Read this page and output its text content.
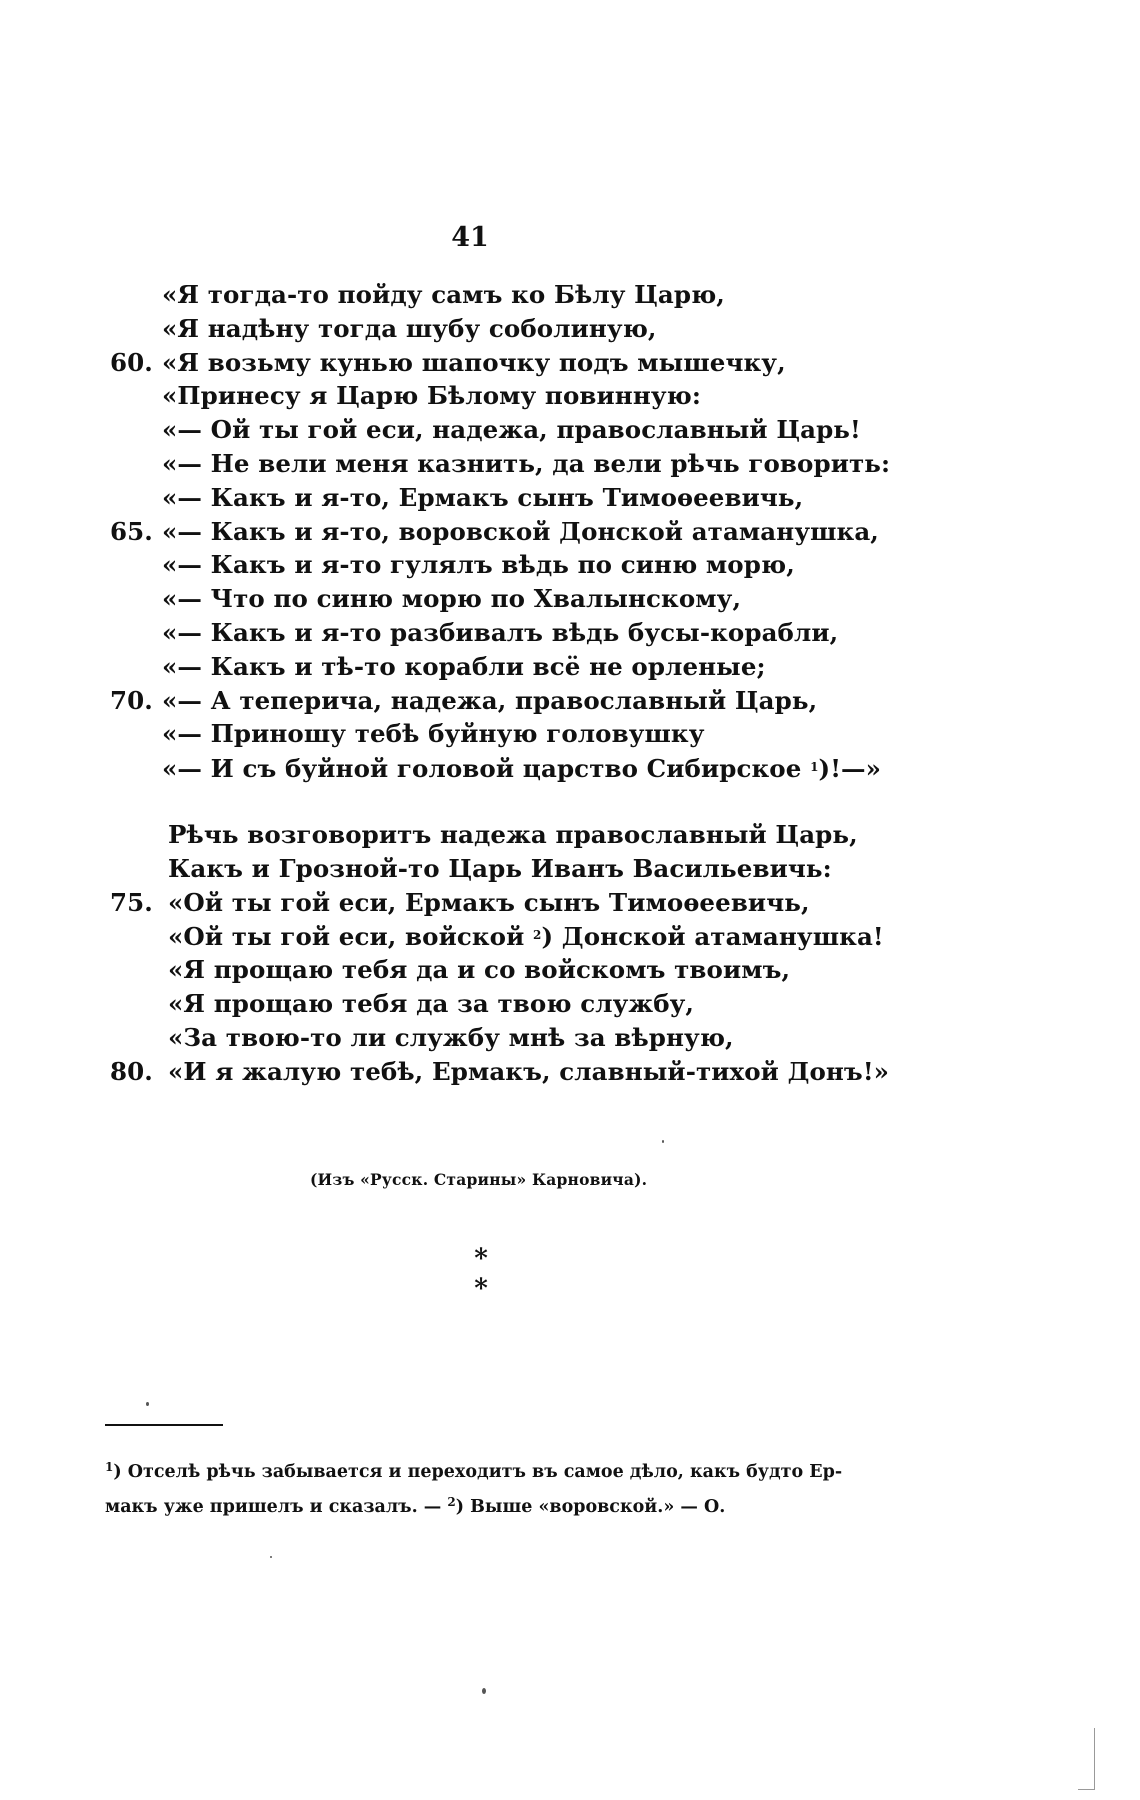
41
«Я тогда-то пойду самъ ко Бѣлу Царю,
«Я надѣну тогда шубу соболиную,
60. «Я возьму кунью шапочку подъ мышечку,
«Принесу я Царю Бѣлому повинную:
«— Ой ты гой еси, надежа, православный Царь!
«— Не вели меня казнить, да вели рѣчь говорить:
«— Какъ и я-то, Ермакъ сынъ Тимоѳеевичь,
65. «— Какъ и я-то, воровской Донской атаманушка,
«— Какъ и я-то гулялъ вѣдь по синю морю,
«— Что по синю морю по Хвалынскому,
«— Какъ и я-то разбивалъ вѣдь бусы-корабли,
«— Какъ и тѣ-то корабли всё не орленые;
70. «— А теперича, надежа, православный Царь,
«— Приношу тебѣ буйную головушку
«— И съ буйной головой царство Сибирское $^1$)!—»
Рѣчь возговоритъ надежа православный Царь,
Какъ и Грозной-то Царь Иванъ Васильевичь:
75. «Ой ты гой еси, Ермакъ сынъ Тимоѳеевичь,
«Ой ты гой еси, войской $^2$) Донской атаманушка!
«Я прощаю тебя да и со войскомъ твоимъ,
«Я прощаю тебя да за твою службу,
«За твою-то ли службу мнѣ за вѣрную,
80. «И я жалую тебѣ, Ермакъ, славный-тихой Донъ!»
(Изъ «Русск. Старины» Карновича).
* *
$^1$) Отселѣ рѣчь забывается и переходитъ въ самое дѣло, какъ будто Ер-
макъ уже пришелъ и сказалъ. — $^2$) Выше «воровской.» — О.
